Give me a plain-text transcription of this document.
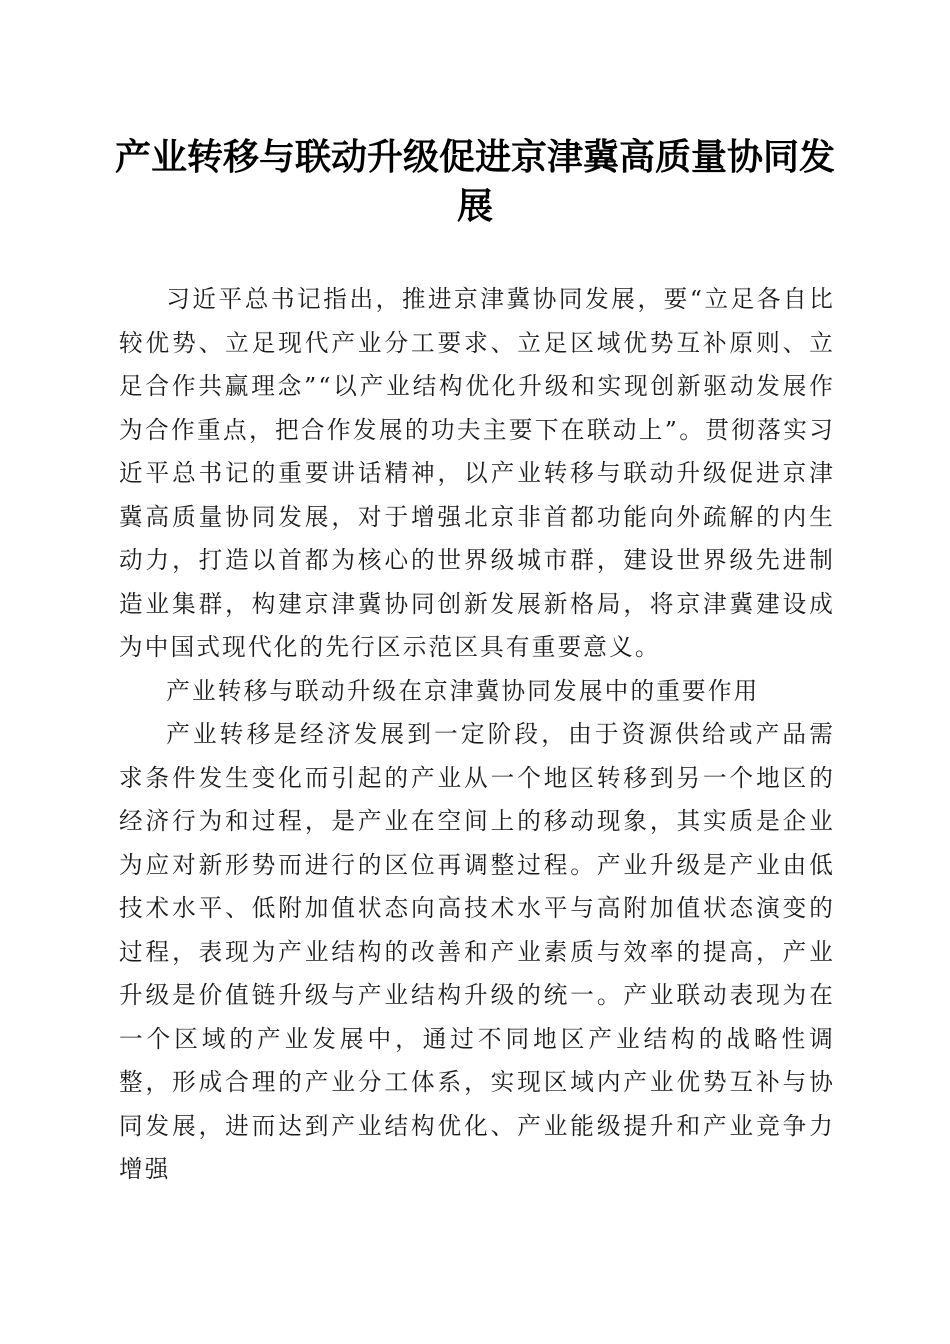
产业转移与联动升级促进京津冀高质量协同发展

习近平总书记指出，推进京津冀协同发展，要“立足各自比较优势、立足现代产业分工要求、立足区域优势互补原则、立足合作共赢理念”“以产业结构优化升级和实现创新驱动发展作为合作重点，把合作发展的功夫主要下在联动上”。贯彻落实习近平总书记的重要讲话精神，以产业转移与联动升级促进京津冀高质量协同发展，对于增强北京非首都功能向外疏解的内生动力，打造以首都为核心的世界级城市群，建设世界级先进制造业集群，构建京津冀协同创新发展新格局，将京津冀建设成为中国式现代化的先行区示范区具有重要意义。

产业转移与联动升级在京津冀协同发展中的重要作用

产业转移是经济发展到一定阶段，由于资源供给或产品需求条件发生变化而引起的产业从一个地区转移到另一个地区的经济行为和过程，是产业在空间上的移动现象，其实质是企业为应对新形势而进行的区位再调整过程。产业升级是产业由低技术水平、低附加值状态向高技术水平与高附加值状态演变的过程，表现为产业结构的改善和产业素质与效率的提高，产业升级是价值链升级与产业结构升级的统一。产业联动表现为在一个区域的产业发展中，通过不同地区产业结构的战略性调整，形成合理的产业分工体系，实现区域内产业优势互补与协同发展，进而达到产业结构优化、产业能级提升和产业竞争力增强
